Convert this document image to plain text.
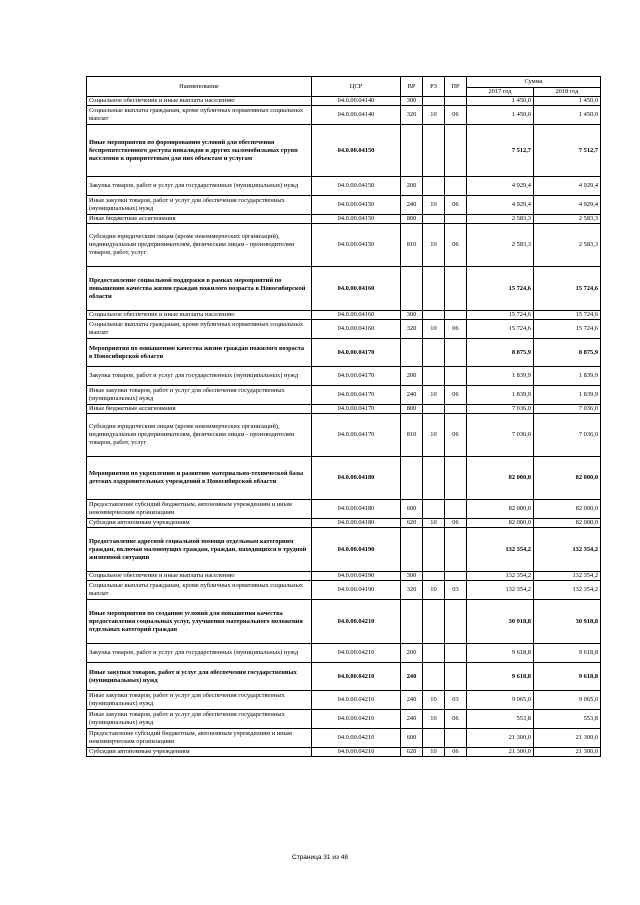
Наименование	ЦСР	ВР	РЗ	ПР	Сумма	
					2017 год	2018 год
Социальное обеспечение и иные выплаты населению	04.0.00.04140	300			1 450,0	1 450,0
Социальные выплаты гражданам, кроме публичных нормативных социальных выплат	04.0.00.04140	320	10	06	1 450,0	1 450,0
Иные мероприятия по формированию условий для обеспечения беспрепятственного доступа инвалидов и других маломобильных групп населения к приоритетным для них объектам и услугам	04.0.00.04150				7 512,7	7 512,7
Закупка товаров, работ и услуг для государственных (муниципальных) нужд	04.0.00.04150	200			4 929,4	4 929,4
Иные закупки товаров, работ и услуг для обеспечения государственных (муниципальных) нужд	04.0.00.04150	240	10	06	4 929,4	4 929,4
Иные бюджетные ассигнования	04.0.00.04150	800			2 583,3	2 583,3
Субсидии юридическим лицам (кроме некоммерческих организаций), индивидуальным предпринимателям, физическим лицам - производителям товаров, работ, услуг	04.0.00.04150	810	10	06	2 583,3	2 583,3
Предоставление социальной поддержки в рамках мероприятий по повышению качества жизни граждан пожилого возраста в Новосибирской области	04.0.00.04160				15 724,6	15 724,6
Социальное обеспечение и иные выплаты населению	04.0.00.04160	300			15 724,6	15 724,6
Социальные выплаты гражданам, кроме публичных нормативных социальных выплат	04.0.00.04160	320	10	06	15 724,6	15 724,6
Мероприятия по повышению качества жизни граждан пожилого возраста в Новосибирской области	04.0.00.04170				8 875,9	8 875,9
Закупка товаров, работ и услуг для государственных (муниципальных) нужд	04.0.00.04170	200			1 839,9	1 839,9
Иные закупки товаров, работ и услуг для обеспечения государственных (муниципальных) нужд	04.0.00.04170	240	10	06	1 839,9	1 839,9
Иные бюджетные ассигнования	04.0.00.04170	800			7 036,0	7 036,0
Субсидии юридическим лицам (кроме некоммерческих организаций), индивидуальным предпринимателям, физическим лицам - производителям товаров, работ, услуг	04.0.00.04170	810	10	06	7 036,0	7 036,0
Мероприятия по укреплению и развитию материально-технической базы детских оздоровительных учреждений в Новосибирской области	04.0.00.04180				82 000,0	82 000,0
Предоставление субсидий бюджетным, автономным учреждениям и иным некоммерческим организациям	04.0.00.04180	600			82 000,0	82 000,0
Субсидии автономным учреждениям	04.0.00.04180	620	10	06	82 000,0	82 000,0
Предоставление адресной социальной помощи отдельным категориям граждан, включая малоимущих граждан, граждан, находящихся в трудной жизненной ситуации	04.0.00.04190				132 354,2	132 354,2
Социальное обеспечение и иные выплаты населению	04.0.00.04190	300			132 354,2	132 354,2
Социальные выплаты гражданам, кроме публичных нормативных социальных выплат	04.0.00.04190	320	10	03	132 354,2	132 354,2
Иные мероприятия по созданию условий для повышения качества предоставления социальных услуг, улучшения материального положения отдельных категорий граждан	04.0.00.04210				30 918,8	30 918,8
Закупка товаров, работ и услуг для государственных (муниципальных) нужд	04.0.00.04210	200			9 618,8	9 618,8
Иные закупки товаров, работ и услуг для обеспечения государственных (муниципальных) нужд	04.0.00.04210	240			9 618,8	9 618,8
Иные закупки товаров, работ и услуг для обеспечения государственных (муниципальных) нужд	04.0.00.04210	240	10	03	9 065,0	9 065,0
Иные закупки товаров, работ и услуг для обеспечения государственных (муниципальных) нужд	04.0.00.04210	240	10	06	553,8	553,8
Предоставление субсидий бюджетным, автономным учреждениям и иным некоммерческим организациям	04.0.00.04210	600			21 300,0	21 300,0
Субсидии автономным учреждениям	04.0.00.04210	620	10	06	21 300,0	21 300,0
Страница 31 из 48
